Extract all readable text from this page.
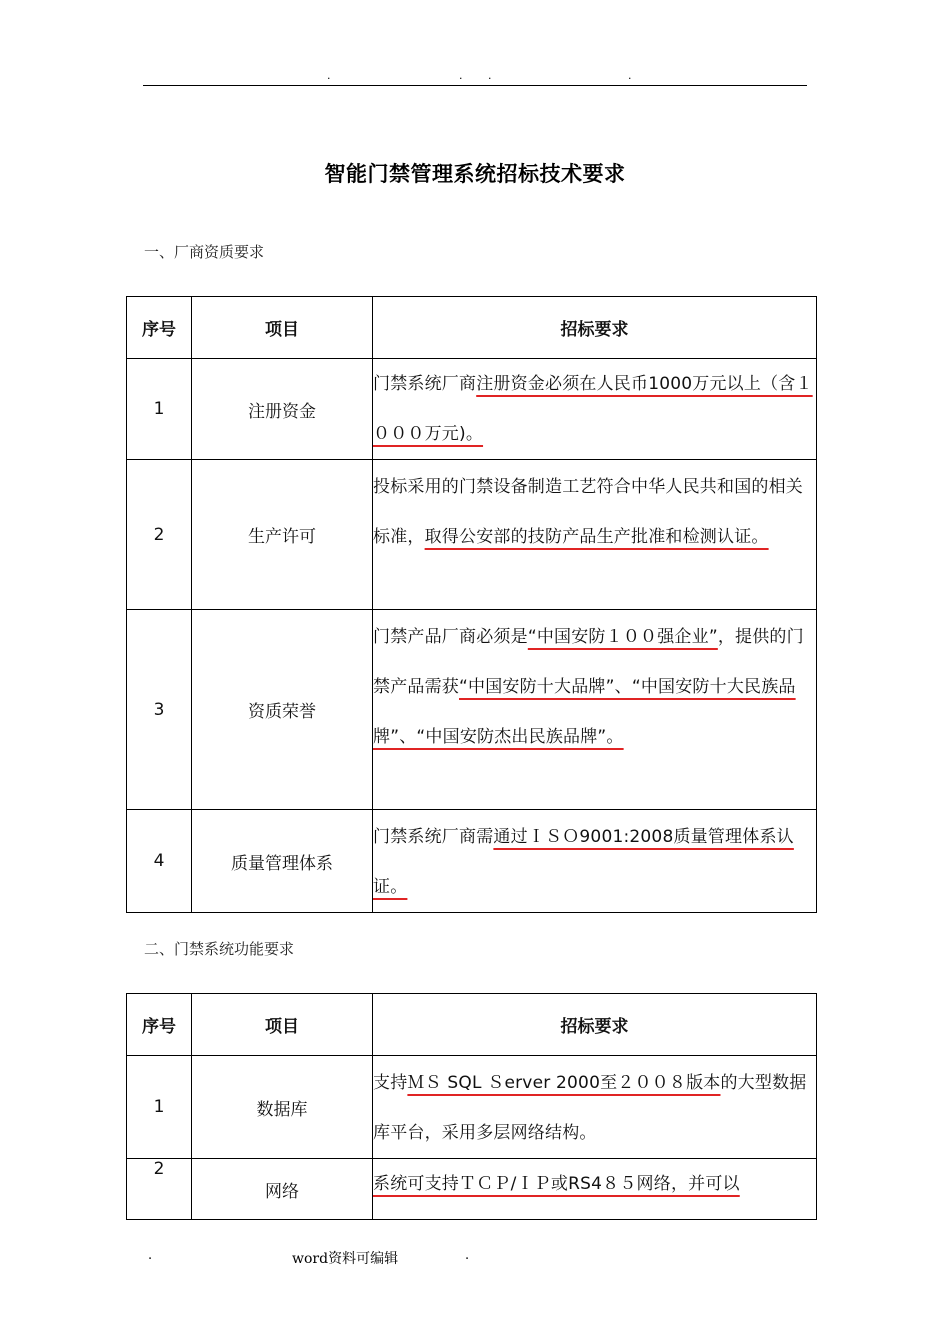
.	. .	.
智能门禁管理系统招标技术要求
一、厂商资质要求
序号	项目	招标要求
1	注册资金	门禁系统厂商注册资金必须在人民币1000万元以上（含１０００万元)。
2	生产许可	投标采用的门禁设备制造工艺符合中华人民共和国的相关标准，取得公安部的技防产品生产批准和检测认证。
3	资质荣誉	门禁产品厂商必须是“中国安防１００强企业”，提供的门禁产品需获“中国安防十大品牌”、“中国安防十大民族品牌”、“中国安防杰出民族品牌”。
4	质量管理体系	门禁系统厂商需通过ＩＳＯ9001:2008质量管理体系认证。
二、门禁系统功能要求
序号	项目	招标要求
1	数据库	支持ＭＳ SQL Ｓerver 2000至２００８版本的大型数据库平台，采用多层网络结构。
2	网络	系统可支持ＴＣＰ/ＩＰ或RS4８５网络，并可以
.	word资料可编辑	.
